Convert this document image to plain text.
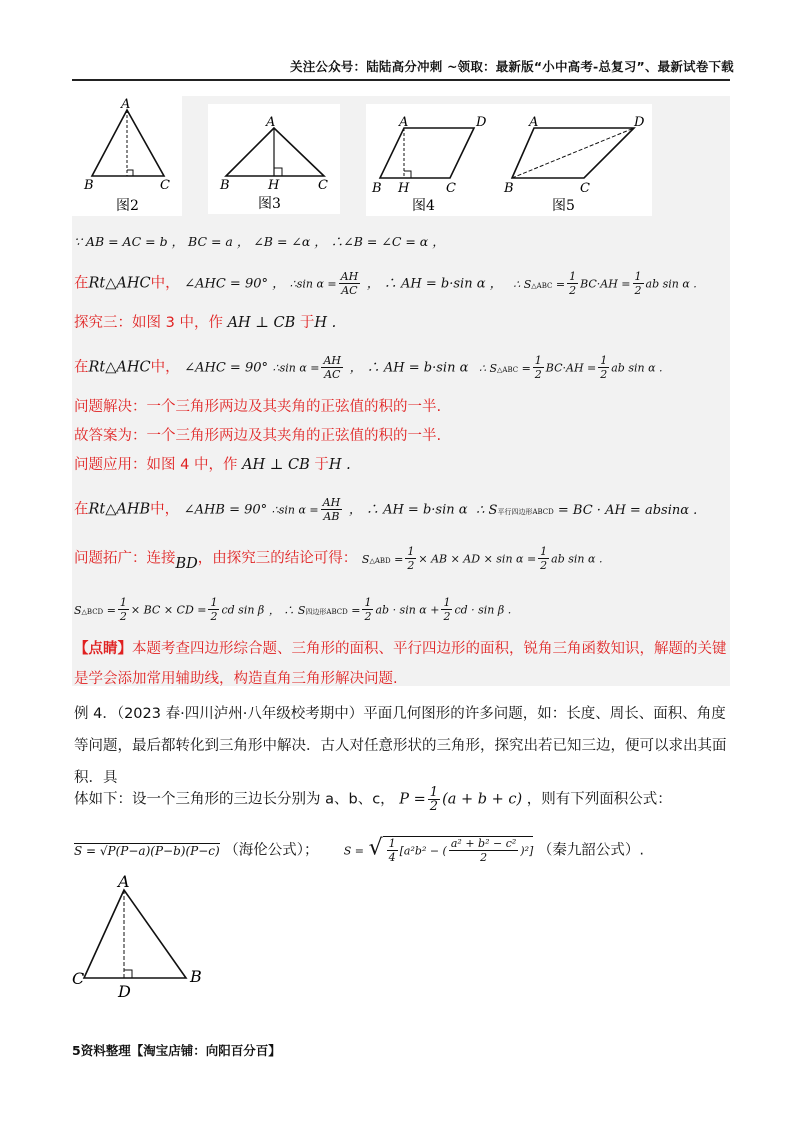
关注公众号：陆陆高分冲刺 ~领取：最新版“小中高考-总复习”、最新试卷下载
A
B	C
图2
A
B	H	C
图3
A	D
B H	C
图4
A	D
B	C
图5
∵ AB = AC = b ， BC = a ， ∠B = ∠α ， ∴∠B = ∠C = α ，
在Rt△AHC中， ∠AHC = 90° ， ∴sin $\alpha = \frac{AH}{AC}$ ， ∴ AH = b·sin α ， ∴ S△ABC = $\frac{1}{2} BC\cdot AH = \frac{1}{2}$ ab sin α .
探究三：如图 3 中，作 AH ⊥ CB 于H .
在Rt△AHC中， ∠AHC = 90° ∴sin $\alpha = \frac{AH}{AC}$ ， ∴ AH = b·sin α ∴ S△ABC = $\frac{1}{2} BC\cdot AH = \frac{1}{2}$ ab sin α .
问题解决：一个三角形两边及其夹角的正弦值的积的一半.
故答案为：一个三角形两边及其夹角的正弦值的积的一半.
问题应用：如图 4 中，作 AH ⊥ CB 于H .
在Rt△AHB中， ∠AHB = 90° ∴sin $\alpha = \frac{AH}{AB}$ ， ∴ AH = b·sin α ∴ S平行四边形ABCD = BC · AH = absinα .
问题拓广：连接BD，由探究三的结论可得： S△ABD = $\frac{1}{2}$ × AB × AD × $\sin \alpha = \frac{1}{2}$ ab sin α .
S△BCD = $\frac{1}{2}$ × BC × CD = $\frac{1}{2}$ cd sin β ， ∴ S四边形ABCD = $\frac{1}{2}$ ab · $\sin \alpha + \frac{1}{2}$ cd · sin β .
【点睛】本题考查四边形综合题、三角形的面积、平行四边形的面积，锐角三角函数知识，解题的关键是学会添加常用辅助线，构造直角三角形解决问题.
例 4．（2023 春·四川泸州·八年级校考期中）平面几何图形的许多问题，如：长度、周长、面积、角度等问题，最后都转化到三角形中解决．古人对任意形状的三角形，探究出若已知三边，便可以求出其面积．具
体如下：设一个三角形的三边长分别为 a、b、c， $P = \frac{1}{2} (a + b + c)$ ，则有下列面积公式：
S = √P(P−a)(P−b)(P−c) （海伦公式）； S = √ $\frac{1}{4} [a^2b^2$ − ( $\frac{\text{a² + b² − c²}}{2} )^2$] （秦九韶公式）.
A
C
D
B
5资料整理【淘宝店铺：向阳百分百】
